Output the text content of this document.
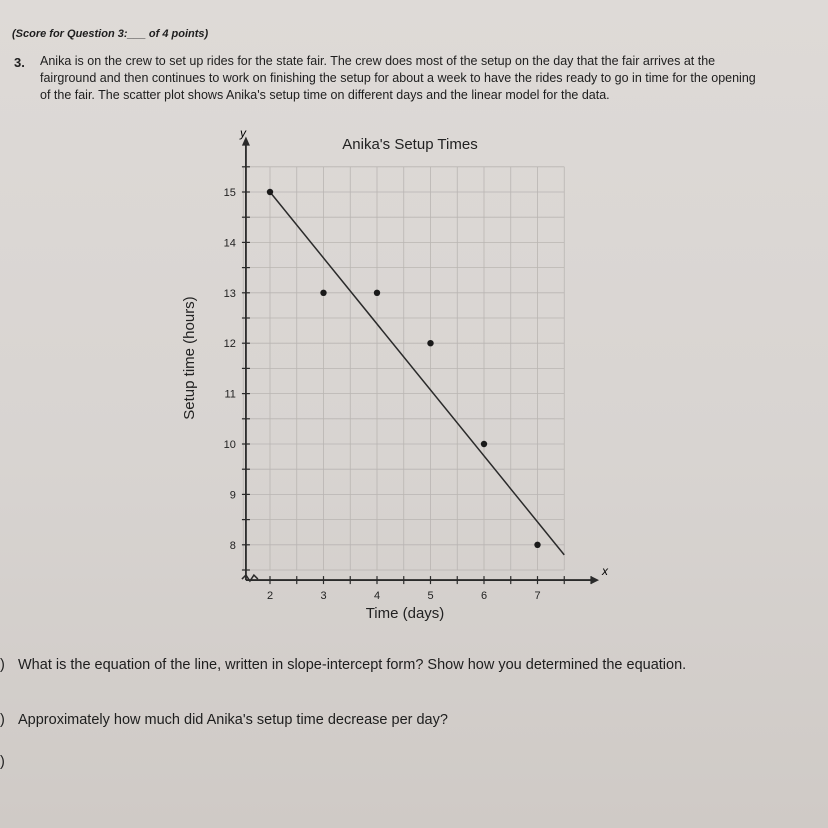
(Score for Question 3:___ of 4 points)
3. Anika is on the crew to set up rides for the state fair. The crew does most of the setup on the day that the fair arrives at the fairground and then continues to work on finishing the setup for about a week to have the rides ready to go in time for the opening of the fair. The scatter plot shows Anika's setup time on different days and the linear model for the data.
2	3	4	5	6	7
8
9
10
11
12
13
14
15
Anika's Setup Times
Time (days)
Setup time (hours)
x
y
) What is the equation of the line, written in slope-intercept form? Show how you determined the equation.
) Approximately how much did Anika's setup time decrease per day?
)
